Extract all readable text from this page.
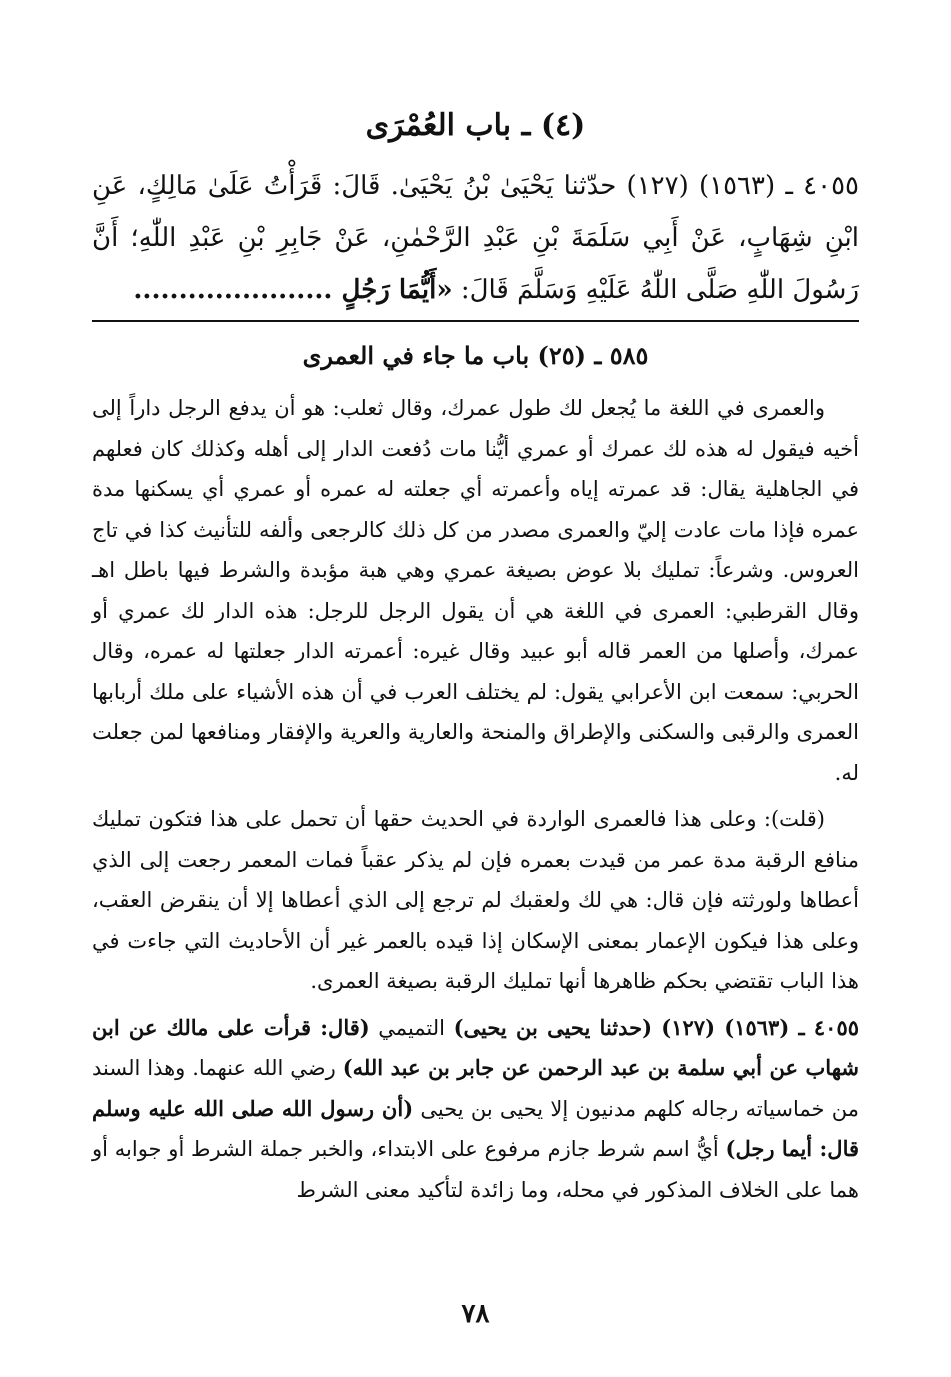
(٤) ـ باب العُمْرَى

٤٠٥٥ ـ (١٥٦٣) (١٢٧) حدّثنا يَحْيَىٰ بْنُ يَحْيَىٰ. قَالَ: قَرَأْتُ عَلَىٰ مَالِكٍ، عَنِ ابْنِ شِهَابٍ، عَنْ أَبِي سَلَمَةَ بْنِ عَبْدِ الرَّحْمٰنِ، عَنْ جَابِرِ بْنِ عَبْدِ اللّٰهِ؛ أَنَّ رَسُولَ اللّٰهِ صَلَّى اللّٰهُ عَلَيْهِ وَسَلَّمَ قَالَ: «أَيُّمَا رَجُلٍ ......................

٥٨٥ ـ (٢٥) باب ما جاء في العمرى

والعمرى في اللغة ما يُجعل لك طول عمرك، وقال ثعلب: هو أن يدفع الرجل داراً إلى أخيه فيقول له هذه لك عمرك أو عمري أيُّنا مات دُفعت الدار إلى أهله وكذلك كان فعلهم في الجاهلية يقال: قد عمرته إياه وأعمرته أي جعلته له عمره أو عمري أي يسكنها مدة عمره فإذا مات عادت إليّ والعمرى مصدر من كل ذلك كالرجعى وألفه للتأنيث كذا في تاج العروس. وشرعاً: تمليك بلا عوض بصيغة عمري وهي هبة مؤبدة والشرط فيها باطل اهـ وقال القرطبي: العمرى في اللغة هي أن يقول الرجل للرجل: هذه الدار لك عمري أو عمرك، وأصلها من العمر قاله أبو عبيد وقال غيره: أعمرته الدار جعلتها له عمره، وقال الحربي: سمعت ابن الأعرابي يقول: لم يختلف العرب في أن هذه الأشياء على ملك أربابها العمرى والرقبى والسكنى والإطراق والمنحة والعارية والعرية والإفقار ومنافعها لمن جعلت له.

(قلت): وعلى هذا فالعمرى الواردة في الحديث حقها أن تحمل على هذا فتكون تمليك منافع الرقبة مدة عمر من قيدت بعمره فإن لم يذكر عقباً فمات المعمر رجعت إلى الذي أعطاها ولورثته فإن قال: هي لك ولعقبك لم ترجع إلى الذي أعطاها إلا أن ينقرض العقب، وعلى هذا فيكون الإعمار بمعنى الإسكان إذا قيده بالعمر غير أن الأحاديث التي جاءت في هذا الباب تقتضي بحكم ظاهرها أنها تمليك الرقبة بصيغة العمرى.

٤٠٥٥ ـ (١٥٦٣) (١٢٧) (حدثنا يحيى بن يحيى) التميمي (قال: قرأت على مالك عن ابن شهاب عن أبي سلمة بن عبد الرحمن عن جابر بن عبد الله) رضي الله عنهما. وهذا السند من خماسياته رجاله كلهم مدنيون إلا يحيى بن يحيى (أن رسول الله صلى الله عليه وسلم قال: أيما رجل) أيُّ اسم شرط جازم مرفوع على الابتداء، والخبر جملة الشرط أو جوابه أو هما على الخلاف المذكور في محله، وما زائدة لتأكيد معنى الشرط

٧٨
